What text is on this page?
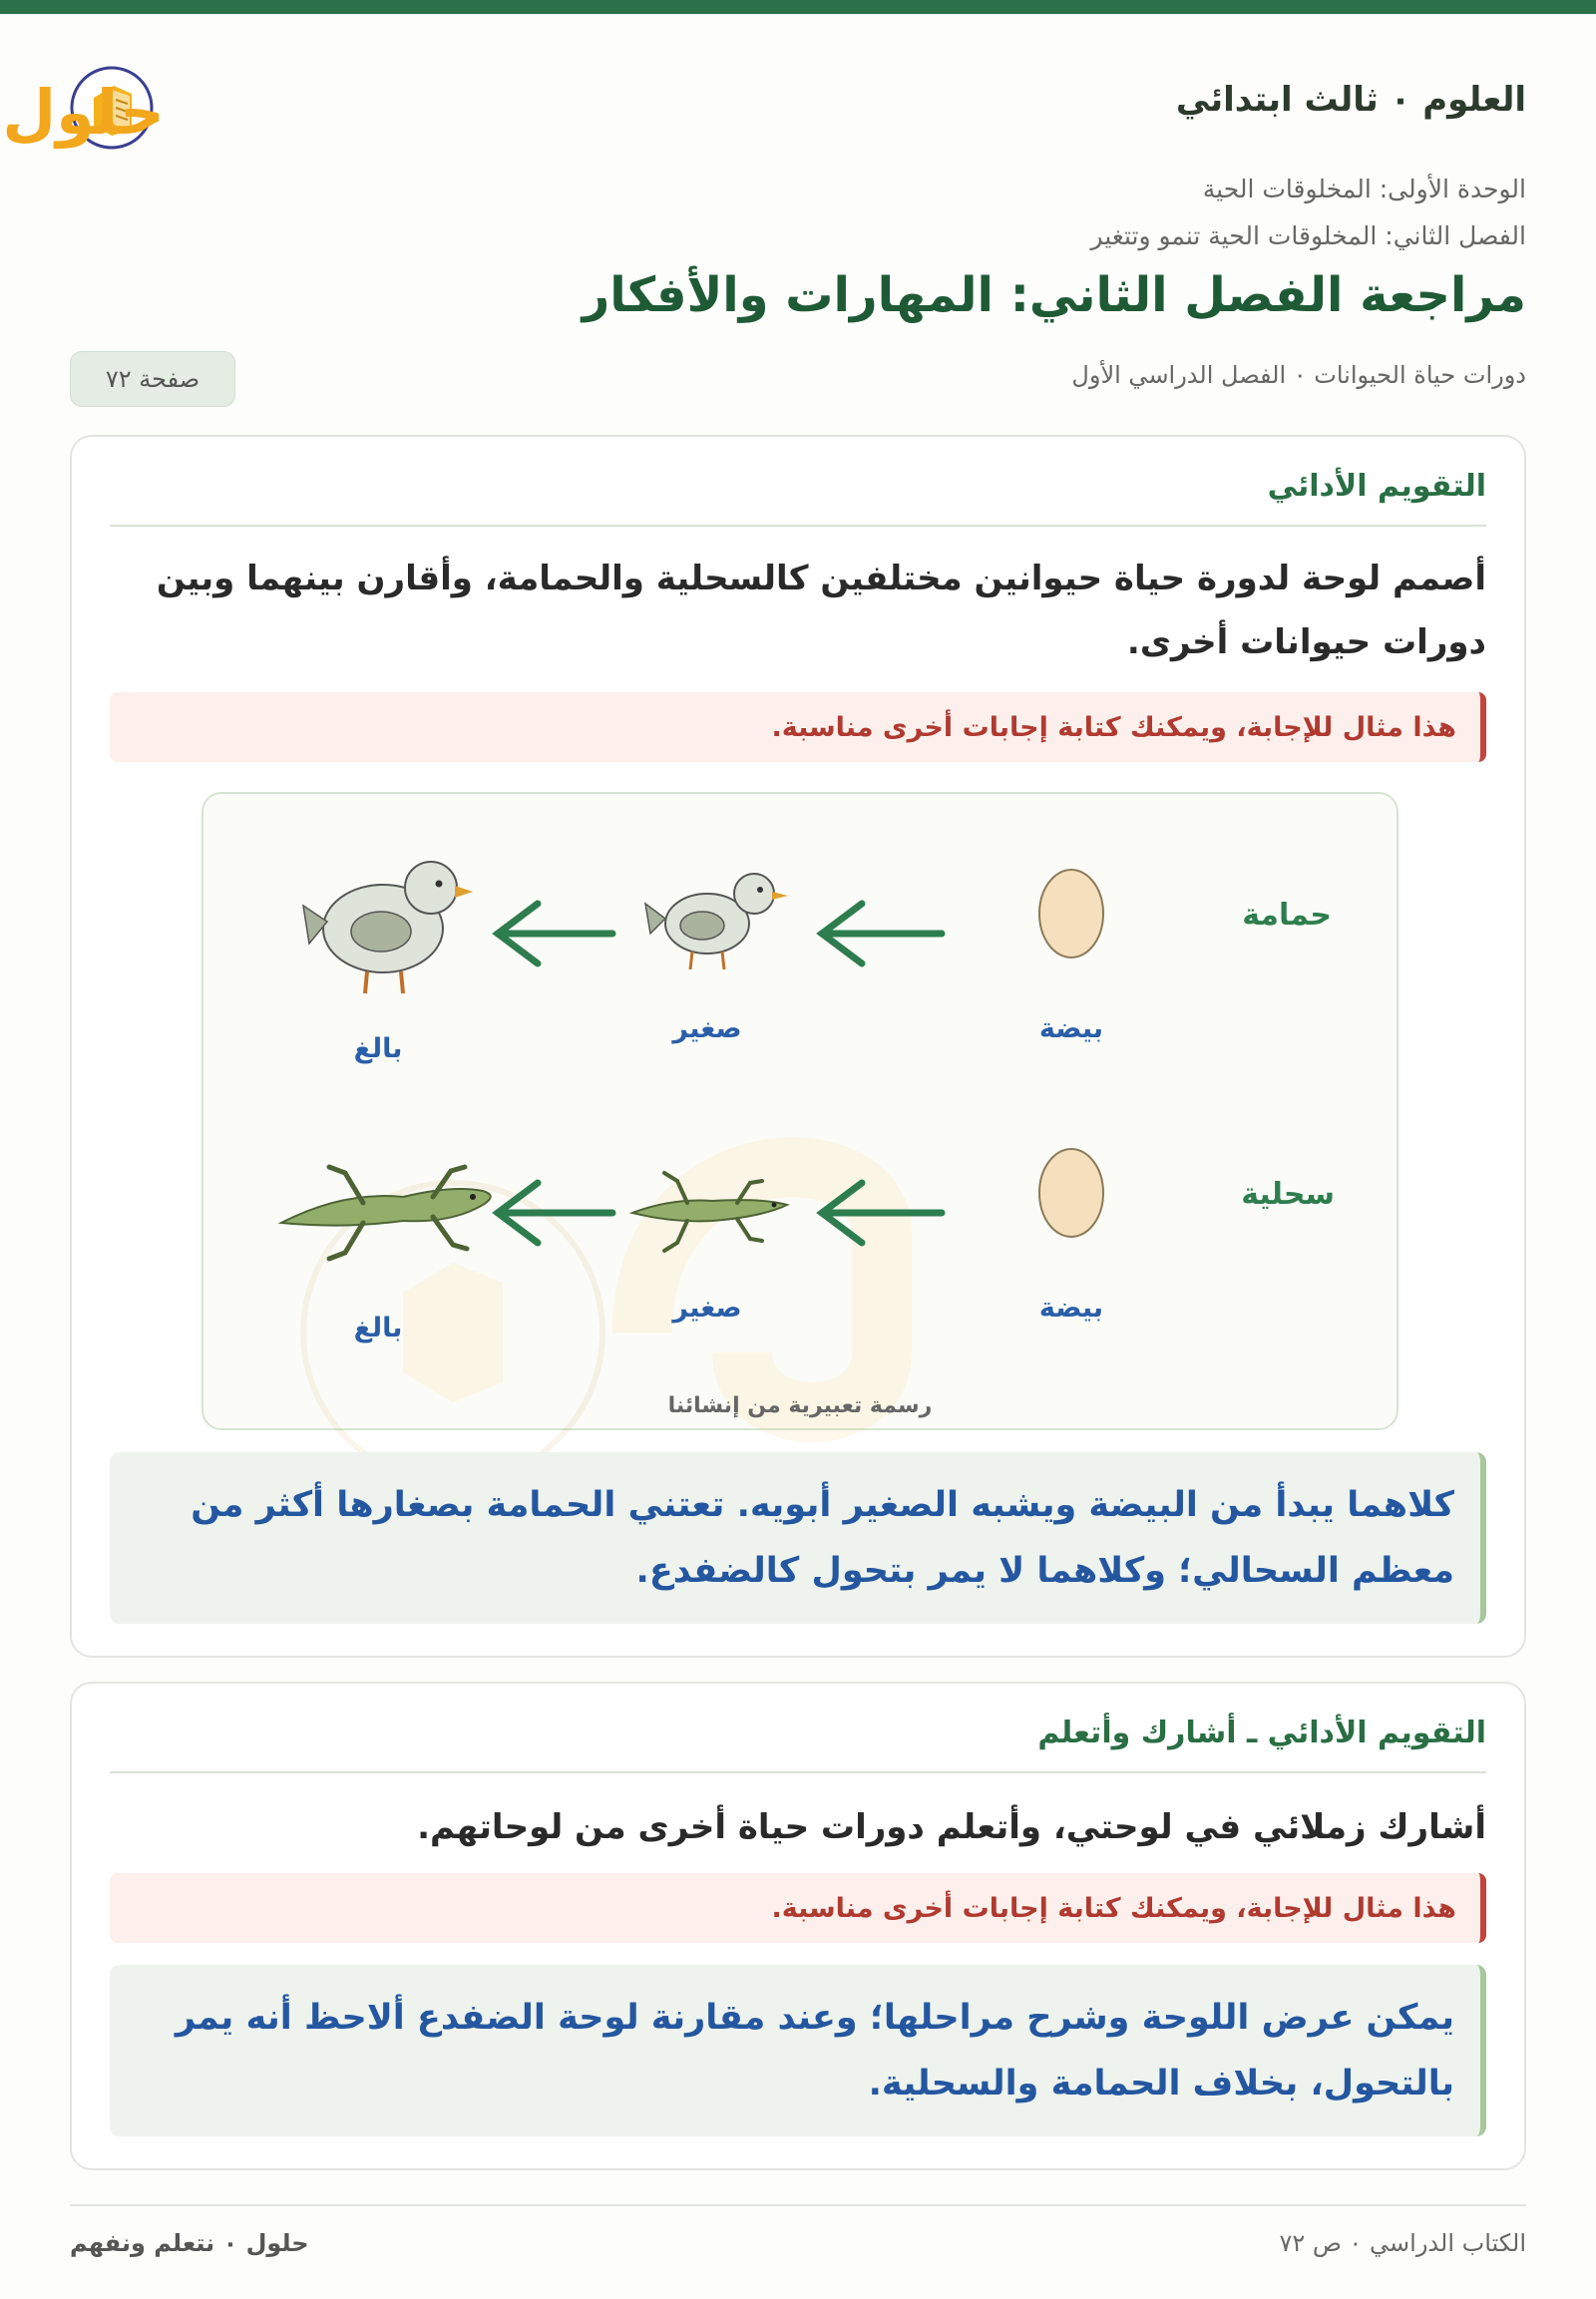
العلوم ٠ ثالث ابتدائي
حلول
الوحدة الأولى: المخلوقات الحية
الفصل الثاني: المخلوقات الحية تنمو وتتغير
مراجعة الفصل الثاني: المهارات والأفكار
دورات حياة الحيوانات ٠ الفصل الدراسي الأول
صفحة ٧٢
التقويم الأدائي
أصمم لوحة لدورة حياة حيوانين مختلفين كالسحلية والحمامة، وأقارن بينهما وبين
دورات حيوانات أخرى.
هذا مثال للإجابة، ويمكنك كتابة إجابات أخرى مناسبة.
حمامة
بيضة
صغير
بالغ
سحلية
بيضة
صغير
بالغ
رسمة تعبيرية من إنشائنا
كلاهما يبدأ من البيضة ويشبه الصغير أبويه. تعتني الحمامة بصغارها أكثر من
معظم السحالي؛ وكلاهما لا يمر بتحول كالضفدع.
التقويم الأدائي ـ أشارك وأتعلم
أشارك زملائي في لوحتي، وأتعلم دورات حياة أخرى من لوحاتهم.
هذا مثال للإجابة، ويمكنك كتابة إجابات أخرى مناسبة.
يمكن عرض اللوحة وشرح مراحلها؛ وعند مقارنة لوحة الضفدع ألاحظ أنه يمر
بالتحول، بخلاف الحمامة والسحلية.
الكتاب الدراسي ٠ ص ٧٢
حلول ٠ نتعلم ونفهم
